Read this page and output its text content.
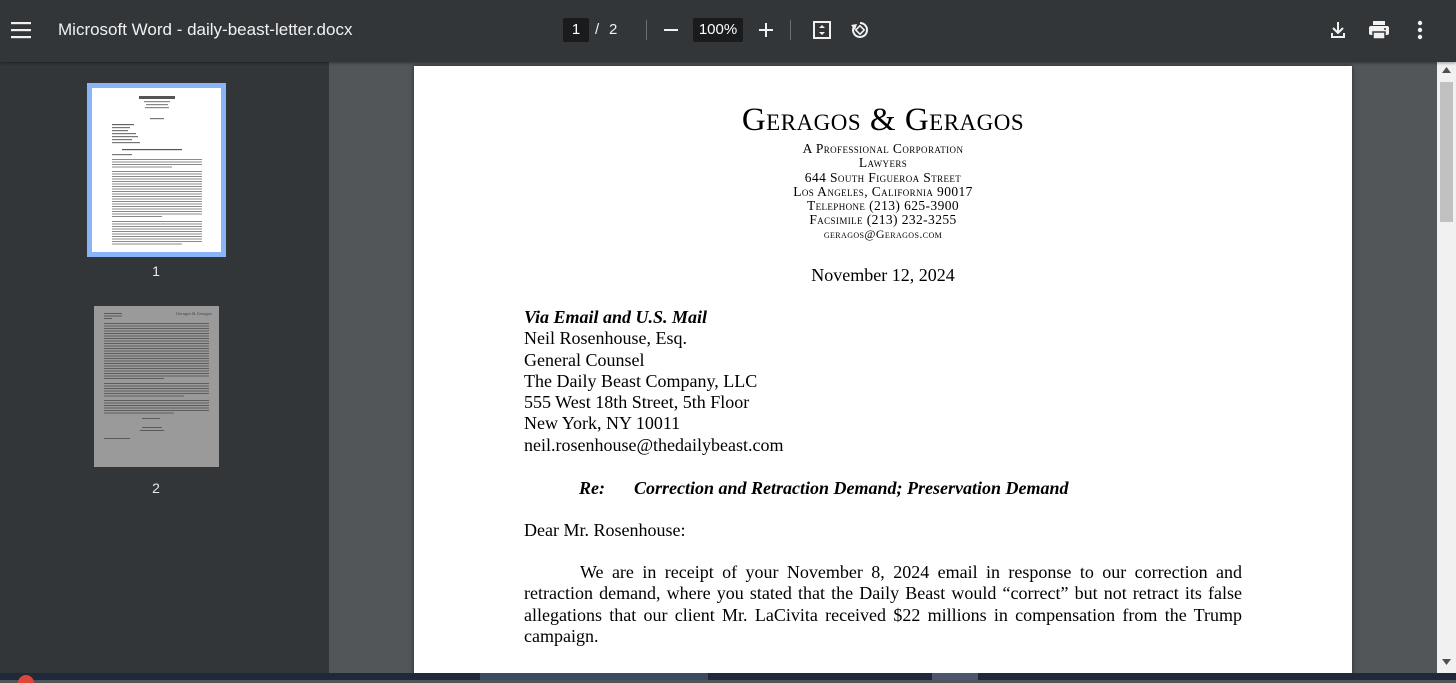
Microsoft Word - daily-beast-letter.docx	1 / 2	100%
1
Geragos & Geragos
2
Geragos & Geragos
A Professional Corporation
Lawyers
644 South Figueroa Street
Los Angeles, California 90017
Telephone (213) 625-3900
Facsimile (213) 232-3255
geragos@Geragos.com
November 12, 2024
Via Email and U.S. Mail
Neil Rosenhouse, Esq.
General Counsel
The Daily Beast Company, LLC
555 West 18th Street, 5th Floor
New York, NY 10011
neil.rosenhouse@thedailybeast.com
Re: Correction and Retraction Demand; Preservation Demand
Dear Mr. Rosenhouse:
We are in receipt of your November 8, 2024 email in response to our correction and retraction demand, where you stated that the Daily Beast would “correct” but not retract its false allegations that our client Mr. LaCivita received $22 millions in compensation from the Trump campaign.
